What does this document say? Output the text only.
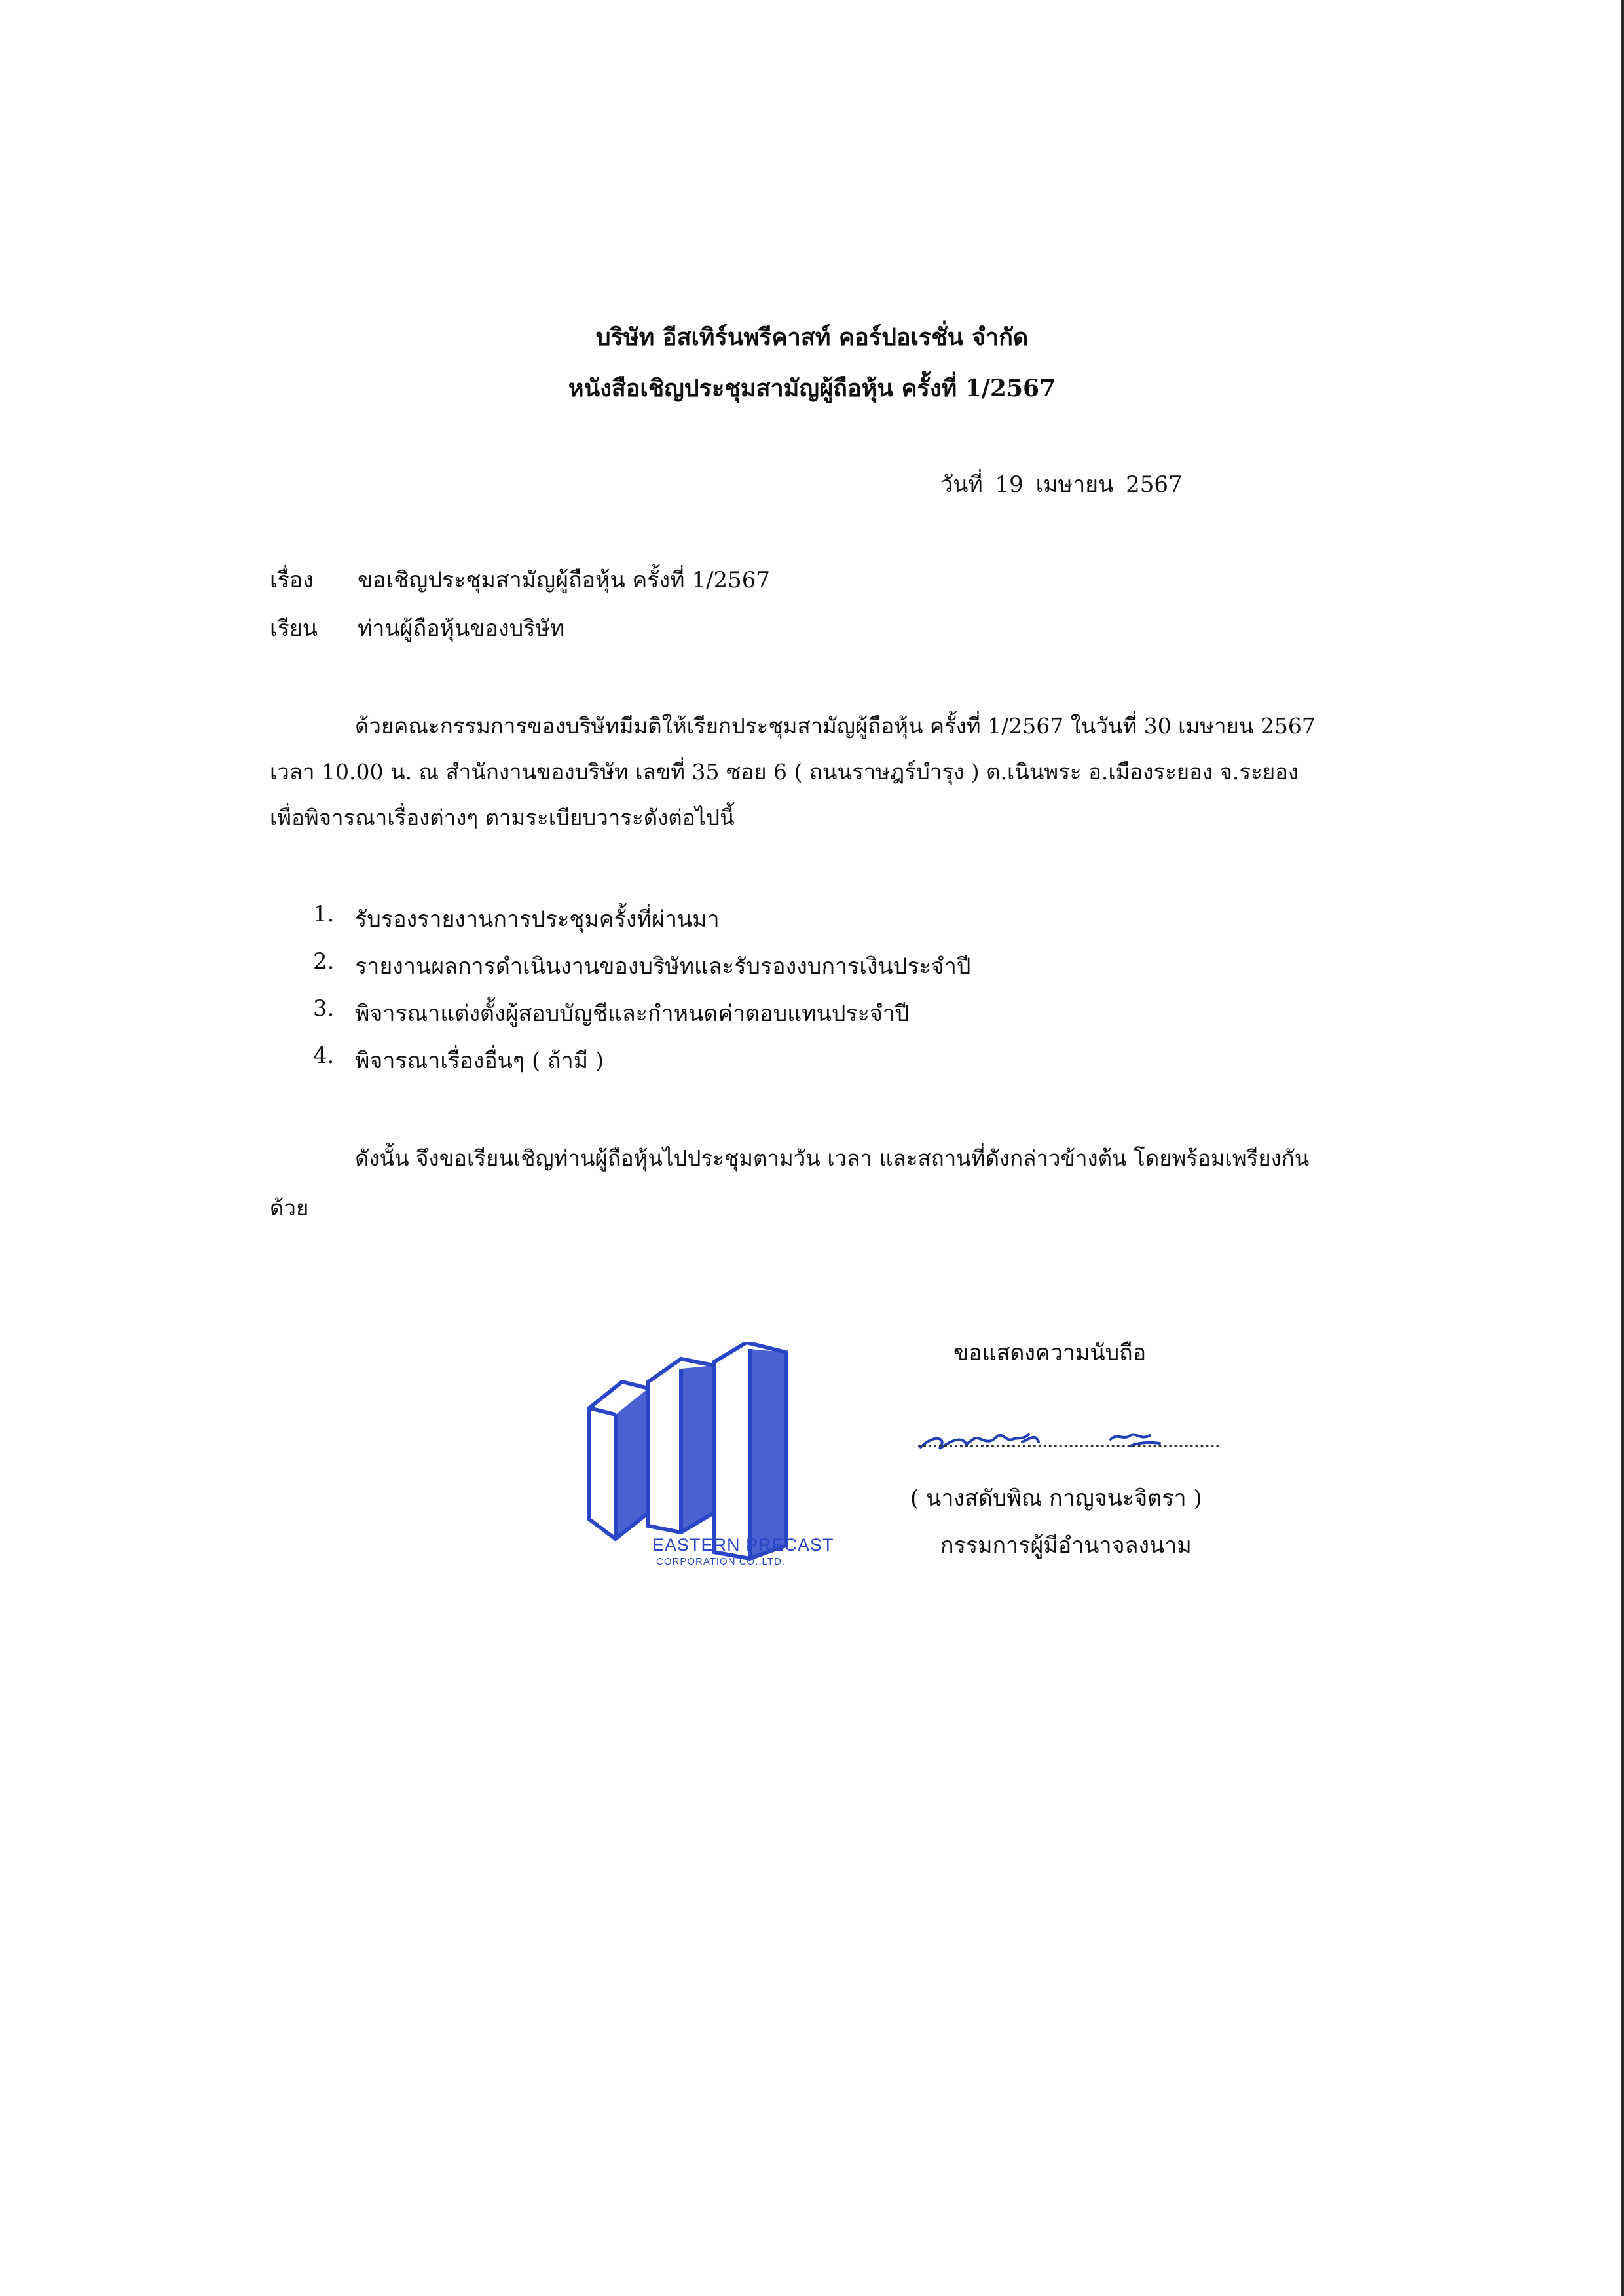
บริษัท อีสเทิร์นพรีคาสท์ คอร์ปอเรชั่น จำกัด
หนังสือเชิญประชุมสามัญผู้ถือหุ้น ครั้งที่ 1/2567
วันที่ 19 เมษายน 2567
เรื่อง ขอเชิญประชุมสามัญผู้ถือหุ้น ครั้งที่ 1/2567
เรียน ท่านผู้ถือหุ้นของบริษัท
ด้วยคณะกรรมการของบริษัทมีมติให้เรียกประชุมสามัญผู้ถือหุ้น ครั้งที่ 1/2567 ในวันที่ 30 เมษายน 2567
เวลา 10.00 น. ณ สำนักงานของบริษัท เลขที่ 35 ซอย 6 ( ถนนราษฎร์บำรุง ) ต.เนินพระ อ.เมืองระยอง จ.ระยอง
เพื่อพิจารณาเรื่องต่างๆ ตามระเบียบวาระดังต่อไปนี้
1. รับรองรายงานการประชุมครั้งที่ผ่านมา
2. รายงานผลการดำเนินงานของบริษัทและรับรองงบการเงินประจำปี
3. พิจารณาแต่งตั้งผู้สอบบัญชีและกำหนดค่าตอบแทนประจำปี
4. พิจารณาเรื่องอื่นๆ ( ถ้ามี )
ดังนั้น จึงขอเรียนเชิญท่านผู้ถือหุ้นไปประชุมตามวัน เวลา และสถานที่ดังกล่าวข้างต้น โดยพร้อมเพรียงกัน
ด้วย
ขอแสดงความนับถือ
( นางสดับพิณ กาญจนะจิตรา )
กรรมการผู้มีอำนาจลงนาม
EASTERN PRECAST
CORPORATION CO.,LTD.
